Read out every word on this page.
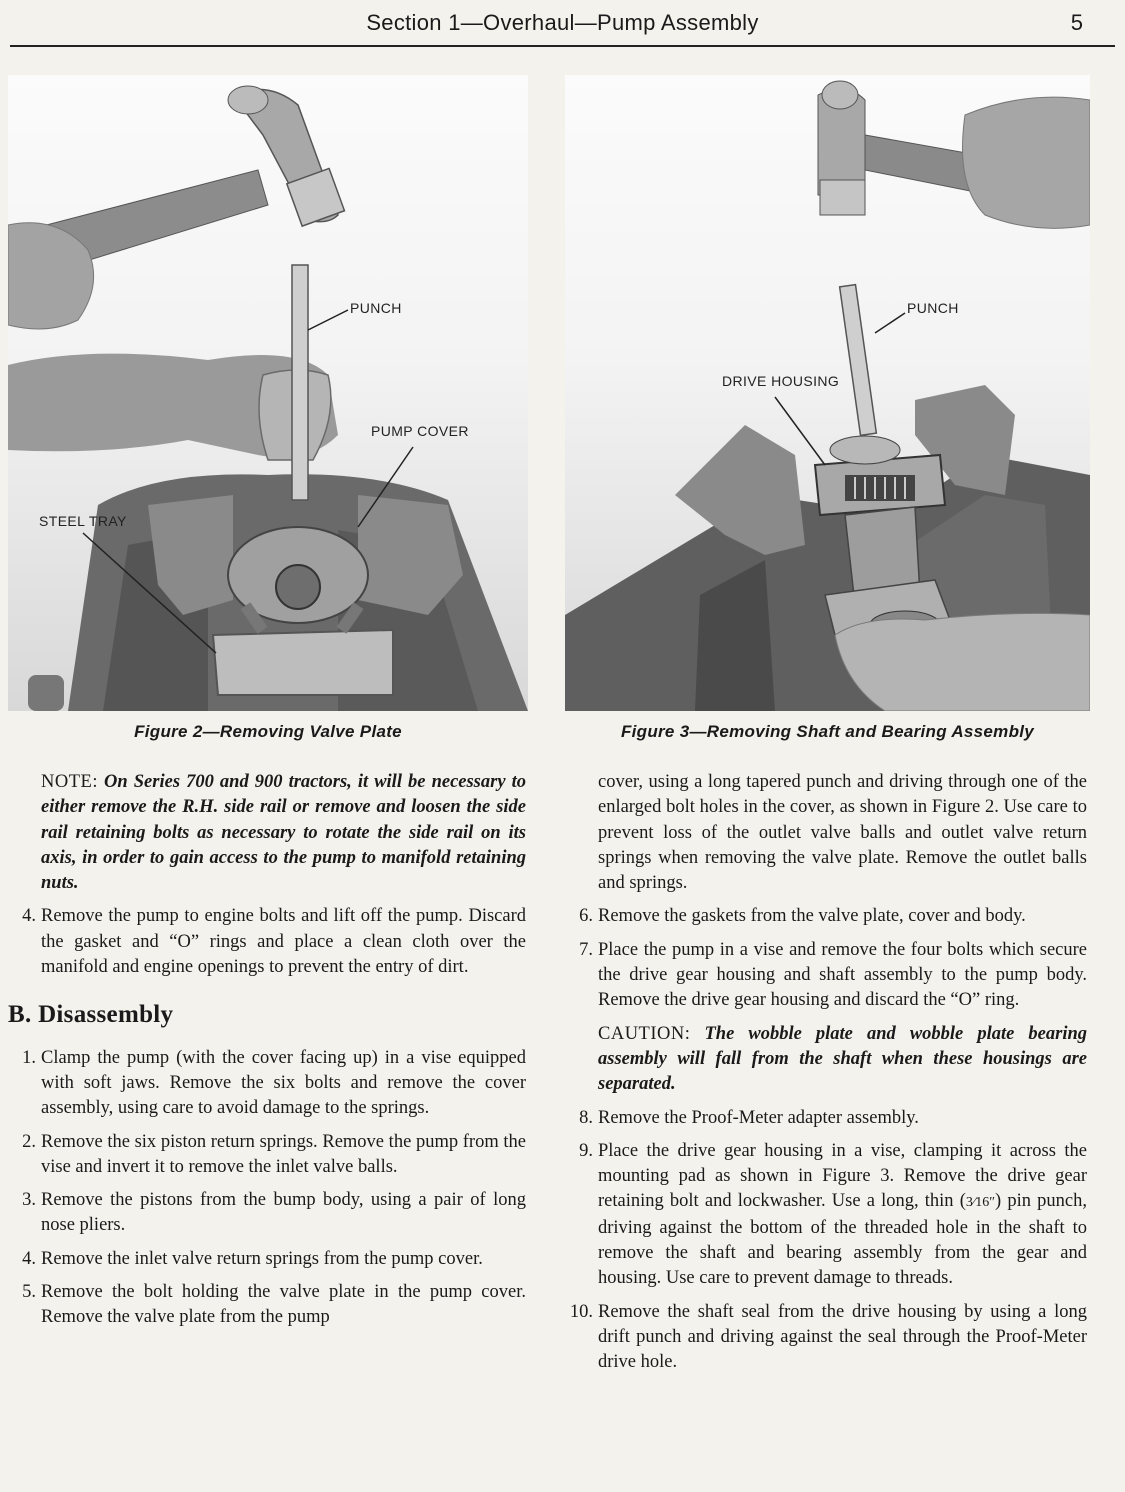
Section 1—Overhaul—Pump Assembly	5
PUNCH
PUMP COVER
STEEL TRAY
Figure 2—Removing Valve Plate
PUNCH
DRIVE HOUSING
Figure 3—Removing Shaft and Bearing Assembly

NOTE: On Series 700 and 900 tractors, it will be necessary to either remove the R.H. side rail or remove and loosen the side rail retaining bolts as necessary to rotate the side rail on its axis, in order to gain access to the pump to manifold retaining nuts.

4. Remove the pump to engine bolts and lift off the pump. Discard the gasket and “O” rings and place a clean cloth over the manifold and engine openings to prevent the entry of dirt.
B. Disassembly
1. Clamp the pump (with the cover facing up) in a vise equipped with soft jaws. Remove the six bolts and remove the cover assembly, using care to avoid damage to the springs.
2. Remove the six piston return springs. Remove the pump from the vise and invert it to remove the inlet valve balls.
3. Remove the pistons from the bump body, using a pair of long nose pliers.
4. Remove the inlet valve return springs from the pump cover.
5. Remove the bolt holding the valve plate in the pump cover. Remove the valve plate from the pump

cover, using a long tapered punch and driving through one of the enlarged bolt holes in the cover, as shown in Figure 2. Use care to prevent loss of the outlet valve balls and outlet valve return springs when removing the valve plate. Remove the outlet balls and springs.

6. Remove the gaskets from the valve plate, cover and body.
7. Place the pump in a vise and remove the four bolts which secure the drive gear housing and shaft assembly to the pump body. Remove the drive gear housing and discard the “O” ring.

CAUTION: The wobble plate and wobble plate bearing assembly will fall from the shaft when these housings are separated.

8. Remove the Proof-Meter adapter assembly.
9. Place the drive gear housing in a vise, clamping it across the mounting pad as shown in Figure 3. Remove the drive gear retaining bolt and lockwasher. Use a long, thin (3⁄16″) pin punch, driving against the bottom of the threaded hole in the shaft to remove the shaft and bearing assembly from the gear and housing. Use care to prevent damage to threads.
10. Remove the shaft seal from the drive housing by using a long drift punch and driving against the seal through the Proof-Meter drive hole.
